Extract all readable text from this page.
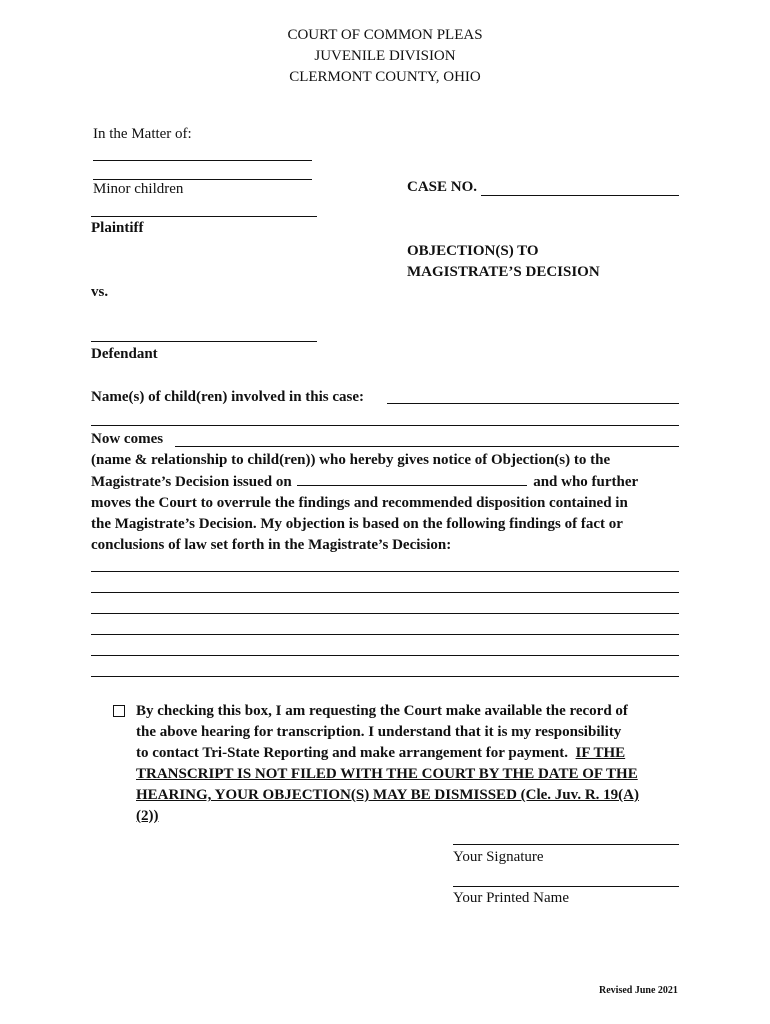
COURT OF COMMON PLEAS
JUVENILE DIVISION
CLERMONT COUNTY, OHIO
In the Matter of:
Minor children	CASE NO.
Plaintiff
OBJECTION(S) TO
MAGISTRATE’S DECISION
vs.
Defendant
Name(s) of child(ren) involved in this case:
Now comes
(name & relationship to child(ren)) who hereby gives notice of Objection(s) to the
Magistrate’s Decision issued on	and who further
moves the Court to overrule the findings and recommended disposition contained in
the Magistrate’s Decision. My objection is based on the following findings of fact or
conclusions of law set forth in the Magistrate’s Decision:
By checking this box, I am requesting the Court make available the record of
the above hearing for transcription. I understand that it is my responsibility
to contact Tri-State Reporting and make arrangement for payment.  IF THE
TRANSCRIPT IS NOT FILED WITH THE COURT BY THE DATE OF THE
HEARING, YOUR OBJECTION(S) MAY BE DISMISSED (Cle. Juv. R. 19(A)
(2))
Your Signature
Your Printed Name
Revised June 2021
